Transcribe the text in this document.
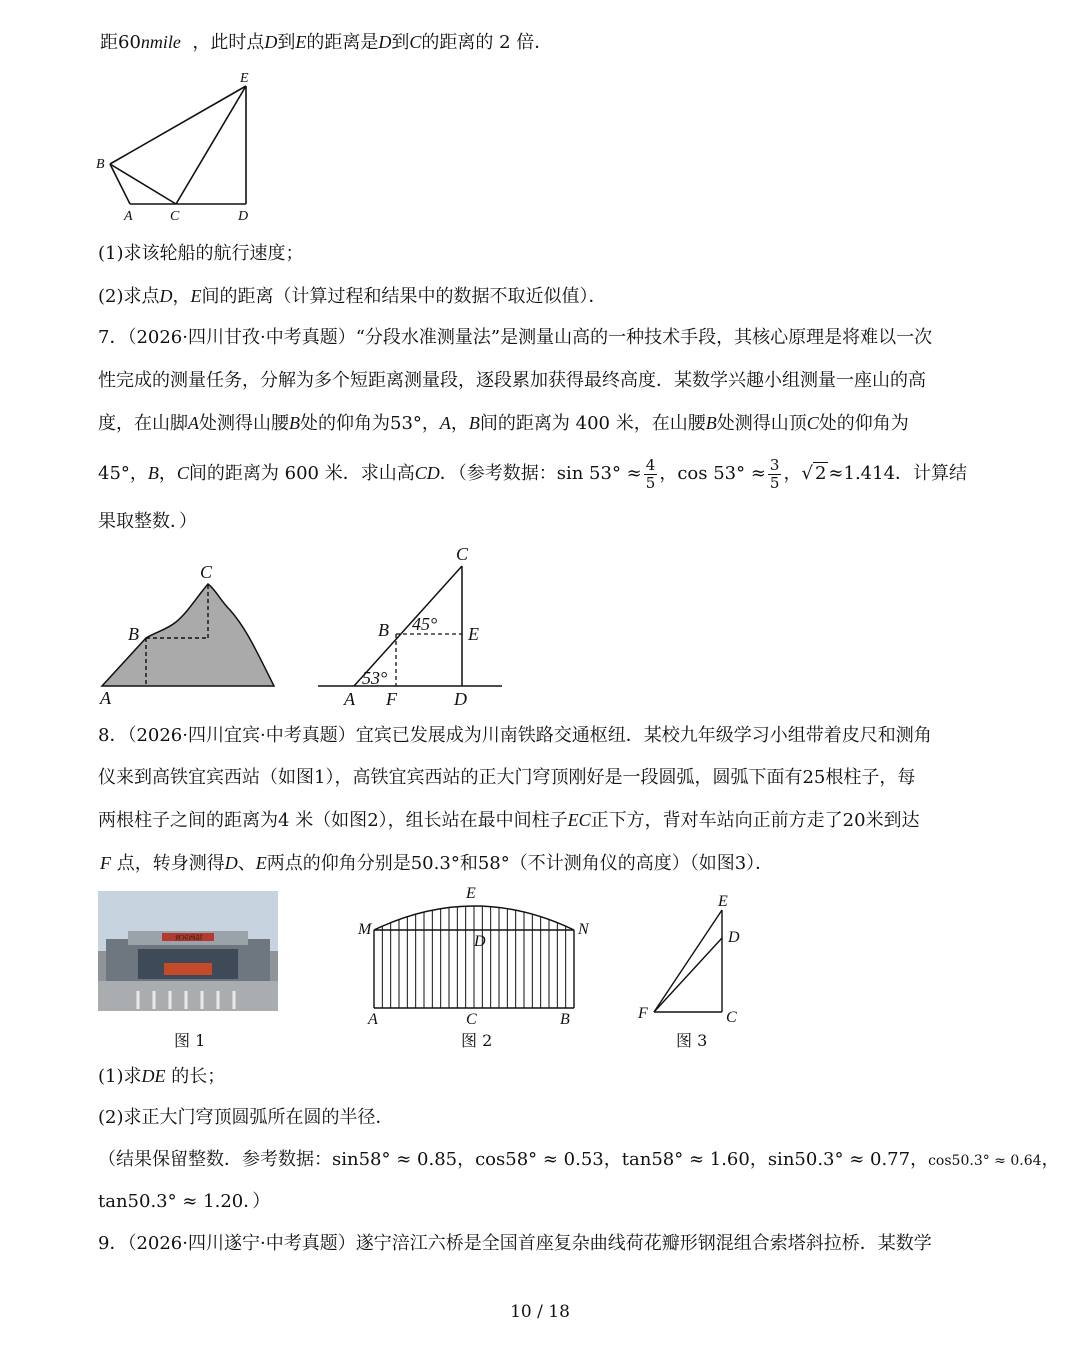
距60nmile ，此时点D到E的距离是D到C的距离的 2 倍．
E
B
A	C	D
(1)求该轮船的航行速度；
(2)求点D，E间的距离（计算过程和结果中的数据不取近似值）．
7．（2026·四川甘孜·中考真题）“分段水准测量法”是测量山高的一种技术手段，其核心原理是将难以一次
性完成的测量任务，分解为多个短距离测量段，逐段累加获得最终高度．某数学兴趣小组测量一座山的高
度，在山脚A处测得山腰B处的仰角为53°，A，B间的距离为 400 米，在山腰B处测得山顶C处的仰角为
45°，B，C间的距离为 600 米．求山高CD．（参考数据：$\sin 53^\circ \approx \frac{4}{5}$ ，$\cos 53^\circ \approx \frac{3}{5}$ ，√ 2 ≈1.414．计算结
果取整数．）
C
B
A
C
B	E
A F	D
45°
53°
8．（2026·四川宜宾·中考真题）宜宾已发展成为川南铁路交通枢纽．某校九年级学习小组带着皮尺和测角
仪来到高铁宜宾西站（如图1），高铁宜宾西站的正大门穹顶刚好是一段圆弧，圆弧下面有25根柱子，每
两根柱子之间的距离为4 米（如图2），组长站在最中间柱子EC正下方，背对车站向正前方走了20米到达
F 点，转身测得D、E两点的仰角分别是50.3°和58°（不计测角仪的高度）（如图3）．
宜宾西站
图 1
E
M	N
D
A	C	B
图 2
E
D
F	C
图 3
(1)求DE 的长；
(2)求正大门穹顶圆弧所在圆的半径．
（结果保留整数．参考数据：sin58° ≈ 0.85，cos58° ≈ 0.53，tan58° ≈ 1.60，sin50.3° ≈ 0.77，cos50.3° ≈ 0.64，
tan50.3° ≈ 1.20．）
9．（2026·四川遂宁·中考真题）遂宁涪江六桥是全国首座复杂曲线荷花瓣形钢混组合索塔斜拉桥．某数学
10 / 18
